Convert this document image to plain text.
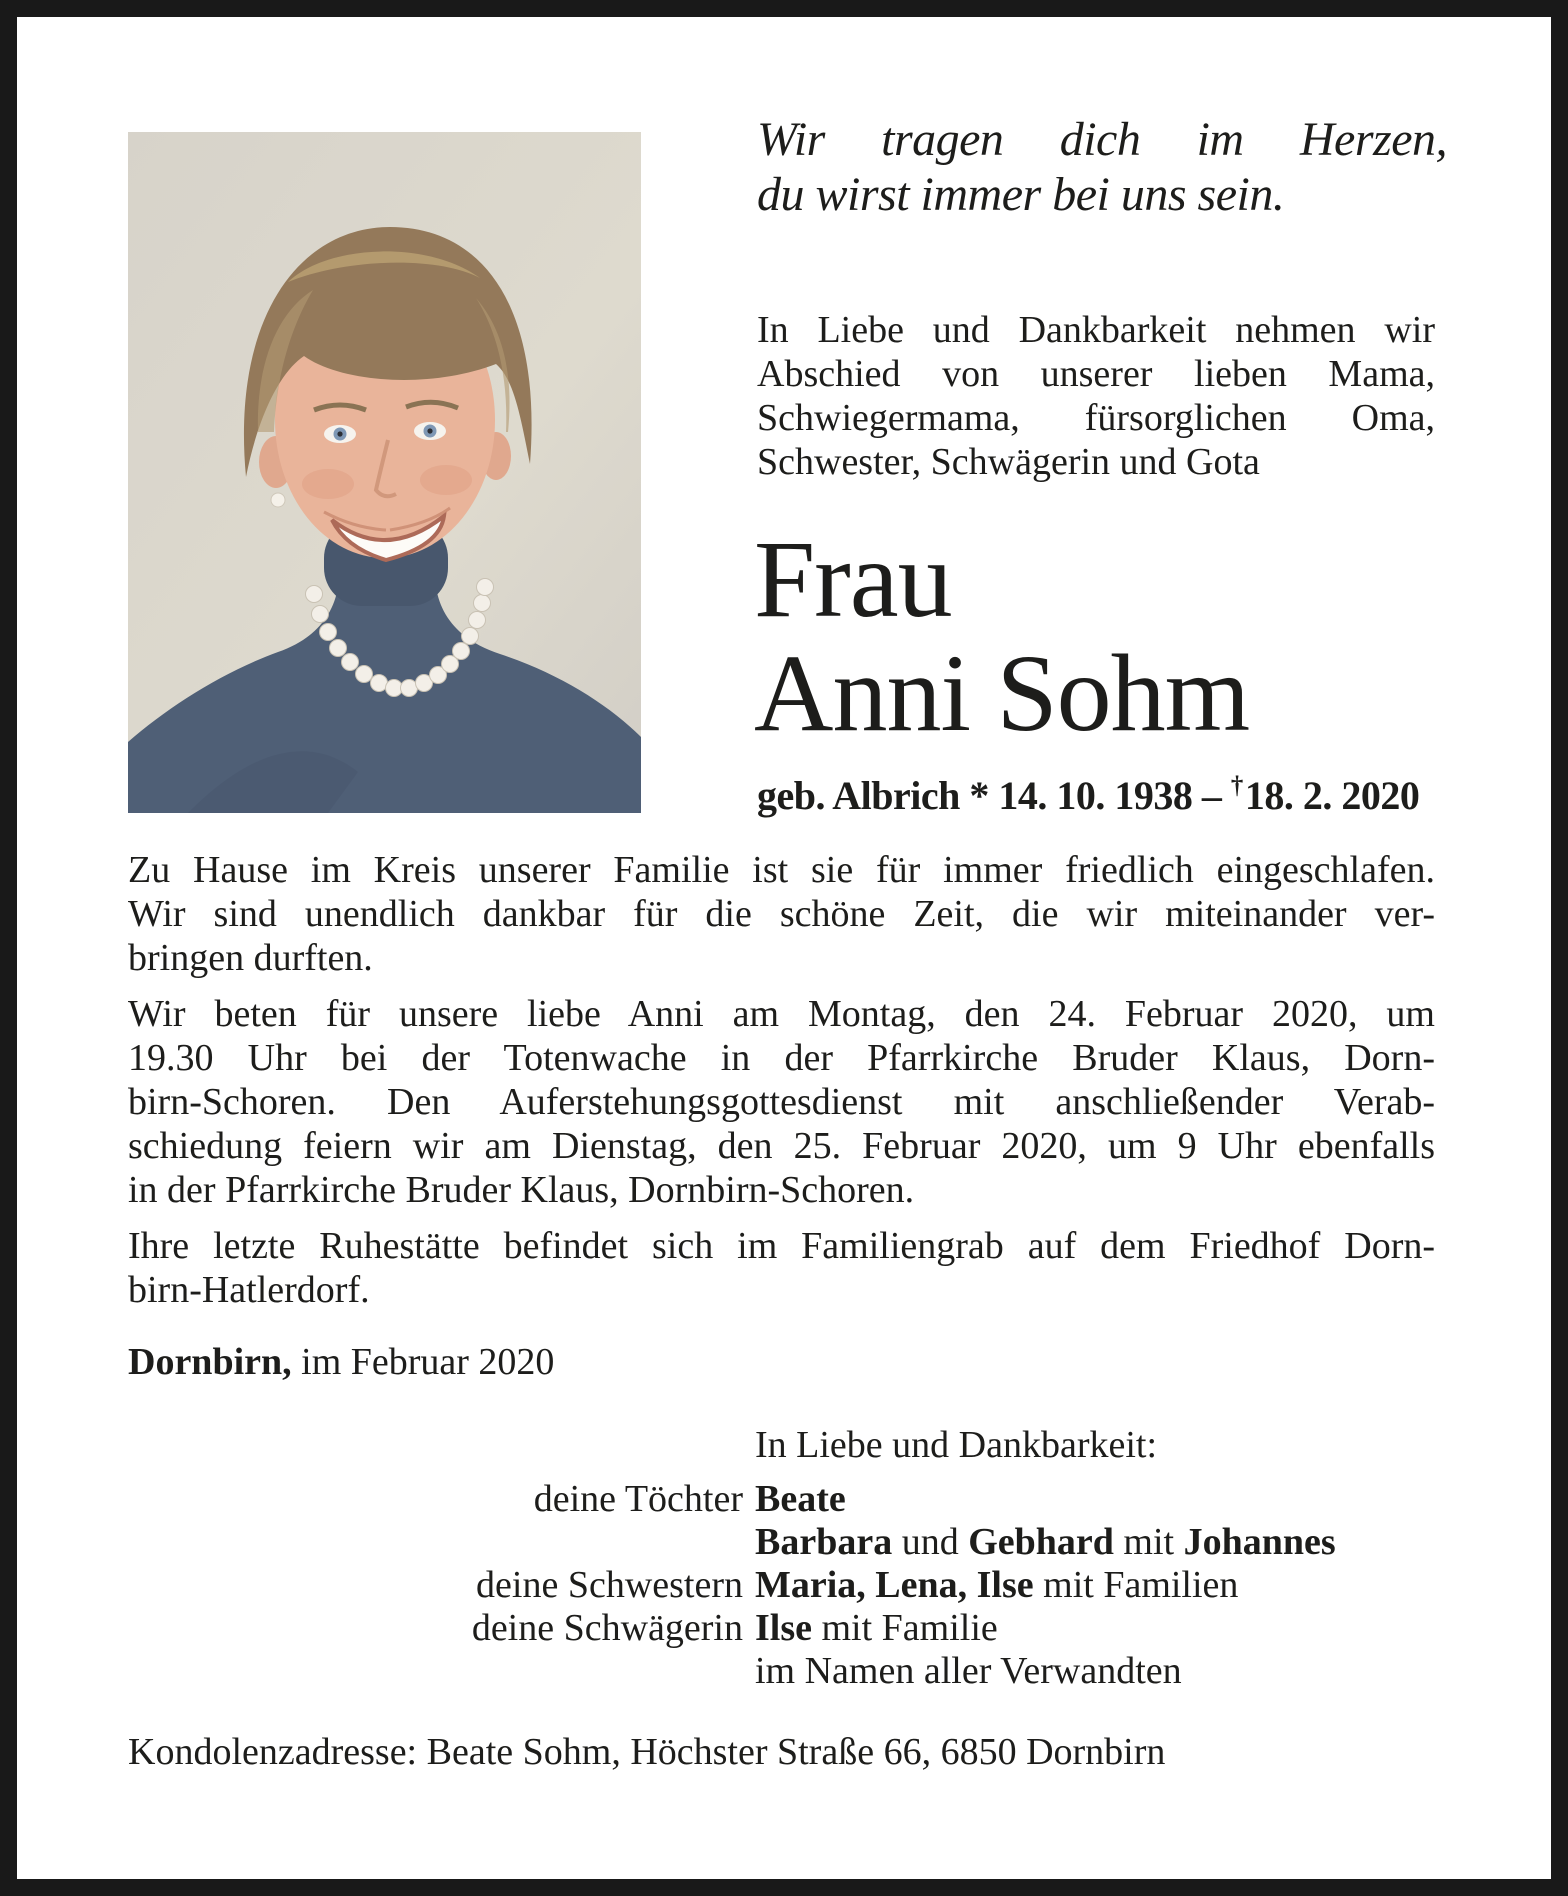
Wir tragen dich im Herzen,
du wirst immer bei uns sein.
In Liebe und Dankbarkeit nehmen wir
Abschied von unserer lieben Mama,
Schwiegermama, fürsorglichen Oma,
Schwester, Schwägerin und Gota
Frau
Anni Sohm
geb. Albrich * 14. 10. 1938 – †18. 2. 2020
Zu Hause im Kreis unserer Familie ist sie für immer friedlich eingeschlafen.
Wir sind unendlich dankbar für die schöne Zeit, die wir miteinander ver-
bringen durften.
Wir beten für unsere liebe Anni am Montag, den 24. Februar 2020, um
19.30 Uhr bei der Totenwache in der Pfarrkirche Bruder Klaus, Dorn-
birn-Schoren. Den Auferstehungsgottesdienst mit anschließender Verab-
schiedung feiern wir am Dienstag, den 25. Februar 2020, um 9 Uhr ebenfalls
in der Pfarrkirche Bruder Klaus, Dornbirn-Schoren.
Ihre letzte Ruhestätte befindet sich im Familiengrab auf dem Friedhof Dorn-
birn-Hatlerdorf.
Dornbirn, im Februar 2020
In Liebe und Dankbarkeit:
deine Töchter Beate
Barbara und Gebhard mit Johannes
deine Schwestern Maria, Lena, Ilse mit Familien
deine Schwägerin Ilse mit Familie
im Namen aller Verwandten
Kondolenzadresse: Beate Sohm, Höchster Straße 66, 6850 Dornbirn
